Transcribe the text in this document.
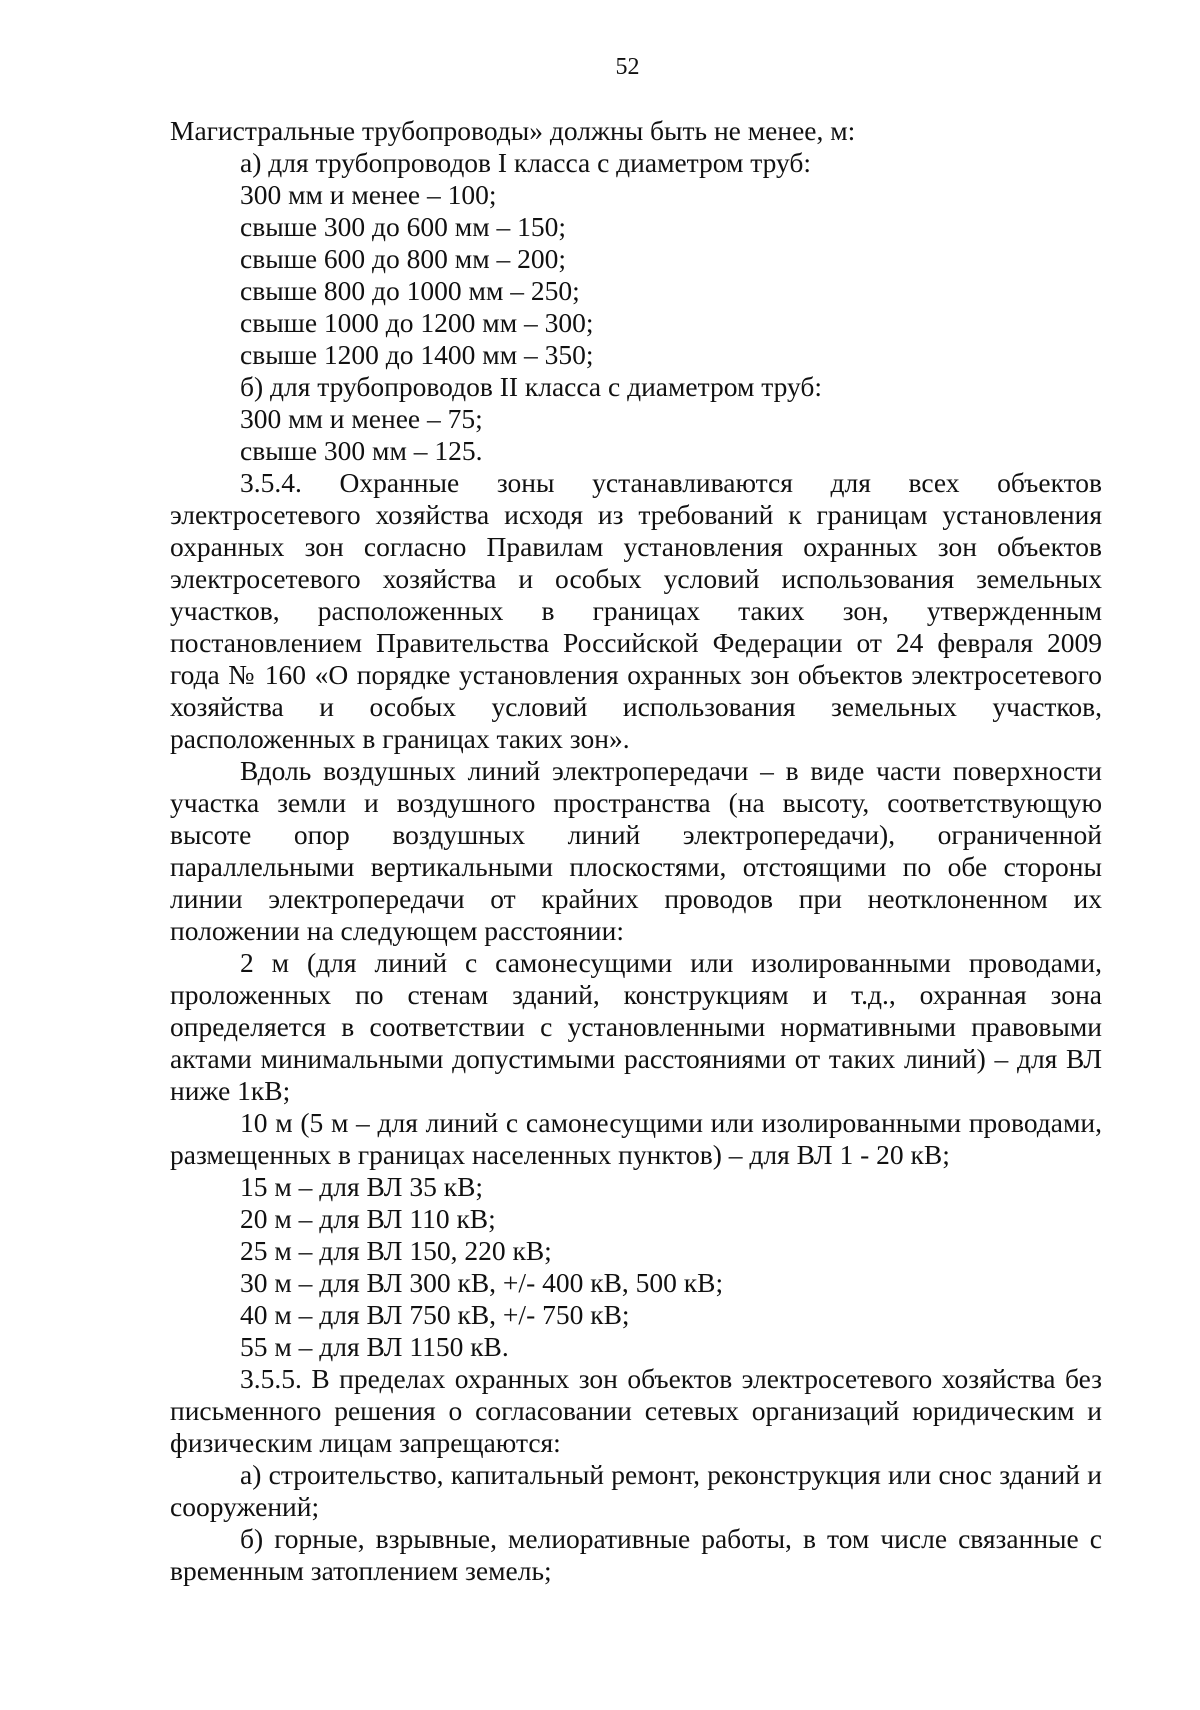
52

Магистральные трубопроводы» должны быть не менее, м:

а) для трубопроводов I класса с диаметром труб:

300 мм и менее – 100;

свыше 300 до 600 мм – 150;

свыше 600 до 800 мм – 200;

свыше 800 до 1000 мм – 250;

свыше 1000 до 1200 мм – 300;

свыше 1200 до 1400 мм – 350;

б) для трубопроводов II класса с диаметром труб:

300 мм и менее – 75;

свыше 300 мм – 125.

3.5.4. Охранные зоны устанавливаются для всех объектов электросетевого хозяйства исходя из требований к границам установления охранных зон согласно Правилам установления охранных зон объектов электросетевого хозяйства и особых условий использования земельных участков, расположенных в границах таких зон, утвержденным постановлением Правительства Российской Федерации от 24 февраля 2009 года № 160 «О порядке установления охранных зон объектов электросетевого хозяйства и особых условий использования земельных участков, расположенных в границах таких зон».

Вдоль воздушных линий электропередачи – в виде части поверхности участка земли и воздушного пространства (на высоту, соответствующую высоте опор воздушных линий электропередачи), ограниченной параллельными вертикальными плоскостями, отстоящими по обе стороны линии электропередачи от крайних проводов при неотклоненном их положении на следующем расстоянии:

2 м (для линий с самонесущими или изолированными проводами, проложенных по стенам зданий, конструкциям и т.д., охранная зона определяется в соответствии с установленными нормативными правовыми актами минимальными допустимыми расстояниями от таких линий) – для ВЛ ниже 1кВ;

10 м (5 м – для линий с самонесущими или изолированными проводами, размещенных в границах населенных пунктов) – для ВЛ 1 - 20 кВ;

15 м – для ВЛ 35 кВ;

20 м – для ВЛ 110 кВ;

25 м – для ВЛ 150, 220 кВ;

30 м – для ВЛ 300 кВ, +/- 400 кВ, 500 кВ;

40 м – для ВЛ 750 кВ, +/- 750 кВ;

55 м – для ВЛ 1150 кВ.

3.5.5. В пределах охранных зон объектов электросетевого хозяйства без письменного решения о согласовании сетевых организаций юридическим и физическим лицам запрещаются:

а) строительство, капитальный ремонт, реконструкция или снос зданий и сооружений;

б) горные, взрывные, мелиоративные работы, в том числе связанные с временным затоплением земель;
